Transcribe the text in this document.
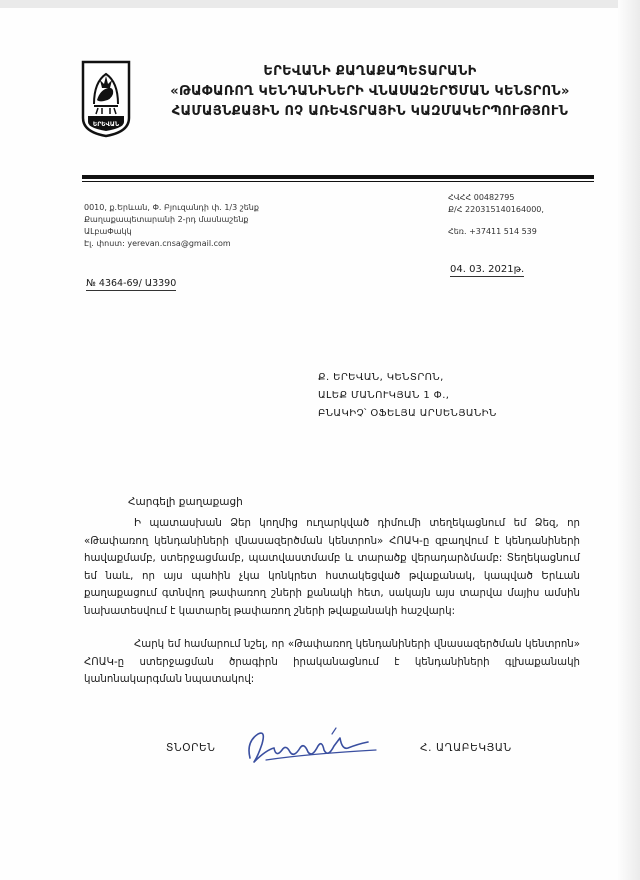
ԵՐԵՎԱՆ
ԵՐԵՎԱՆԻ ՔԱՂԱՔԱՊԵՏԱՐԱՆԻ
«ԹԱՓԱՌՈՂ ԿԵՆԴԱՆԻՆԵՐԻ ՎՆԱՍԱԶԵՐԾՄԱՆ ԿԵՆՏՐՈՆ»
ՀԱՄԱՅՆՔԱՅԻՆ ՈՉ ԱՌԵՎՏՐԱՅԻՆ ԿԱԶՄԱԿԵՐՊՈՒԹՅՈՒՆ
0010, ք.Երևան, Փ. Բյուզանդի փ. 1/3 շենք
Քաղաքապետարանի 2-րդ մասնաշենք
ԱԼբաՓակկ
Էլ. փոստ: yerevan.cnsa@gmail.com
ՀՎՀՀ 00482795
Ք/Հ 220315140164000,
Հեռ. +37411 514 539
04. 03. 2021թ.
№ 4364-69/ Ա3390
Ք. ԵՐԵՎԱՆ, ԿԵՆՏՐՈՆ,
ԱԼԵՔ ՄԱՆՈՒԿՅԱՆ 1 Փ.,
ԲՆԱԿԻՉ՝ ՕՖԵԼՅԱ ԱՐՍԵՆՅԱՆԻՆ
Հարգելի քաղաքացի

Ի պատասխան Ձեր կողմից ուղարկված դիմումի տեղեկացնում եմ Ձեզ, որ «Թափառող կենդանիների վնասազերծման կենտրոն» ՀՈԱԿ-ը զբաղվում է կենդանիների հավաքմամբ, ստերջացմամբ, պատվաստմամբ և տարածք վերադարձմամբ: Տեղեկացնում եմ նաև, որ այս պահին չկա կոնկրետ հստակեցված թվաքանակ, կապված Երևան քաղաքացում գտնվող թափառող շների քանակի հետ, սակայն այս տարվա մայիս ամսին նախատեսվում է կատարել թափառող շների թվաքանակի հաշվարկ:

Հարկ եմ համարում նշել, որ «Թափառող կենդանիների վնասազերծման կենտրոն» ՀՈԱԿ-ը ստերջացման ծրագիրն իրականացնում է կենդանիների գլխաքանակի կանոնակարգման նպատակով:

ՏՆՕՐԵՆ	Հ. ԱՂԱԲԵԿՅԱՆ
